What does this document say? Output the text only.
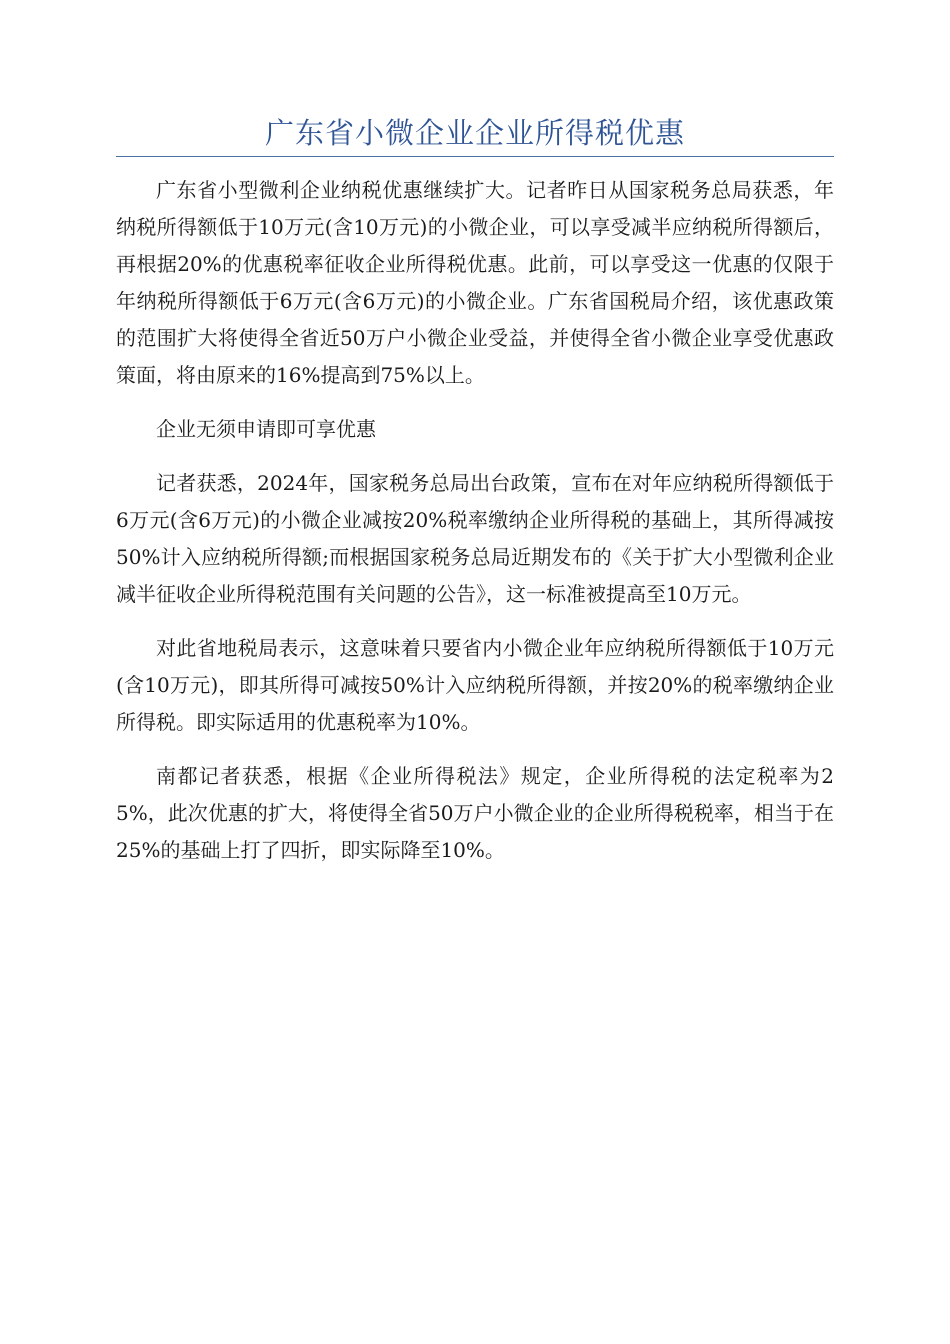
广东省小微企业企业所得税优惠

广东省小型微利企业纳税优惠继续扩大。记者昨日从国家税务总局获悉，年纳税所得额低于10万元(含10万元)的小微企业，可以享受减半应纳税所得额后，再根据20%的优惠税率征收企业所得税优惠。此前，可以享受这一优惠的仅限于年纳税所得额低于6万元(含6万元)的小微企业。广东省国税局介绍，该优惠政策的范围扩大将使得全省近50万户小微企业受益，并使得全省小微企业享受优惠政策面，将由原来的16%提高到75%以上。

企业无须申请即可享优惠

记者获悉，2024年，国家税务总局出台政策，宣布在对年应纳税所得额低于6万元(含6万元)的小微企业减按20%税率缴纳企业所得税的基础上，其所得减按50%计入应纳税所得额;而根据国家税务总局近期发布的《关于扩大小型微利企业减半征收企业所得税范围有关问题的公告》，这一标准被提高至10万元。

对此省地税局表示，这意味着只要省内小微企业年应纳税所得额低于10万元(含10万元)，即其所得可减按50%计入应纳税所得额，并按20%的税率缴纳企业所得税。即实际适用的优惠税率为10%。

南都记者获悉，根据《企业所得税法》规定，企业所得税的法定税率为25%，此次优惠的扩大，将使得全省50万户小微企业的企业所得税税率，相当于在25%的基础上打了四折，即实际降至10%。
